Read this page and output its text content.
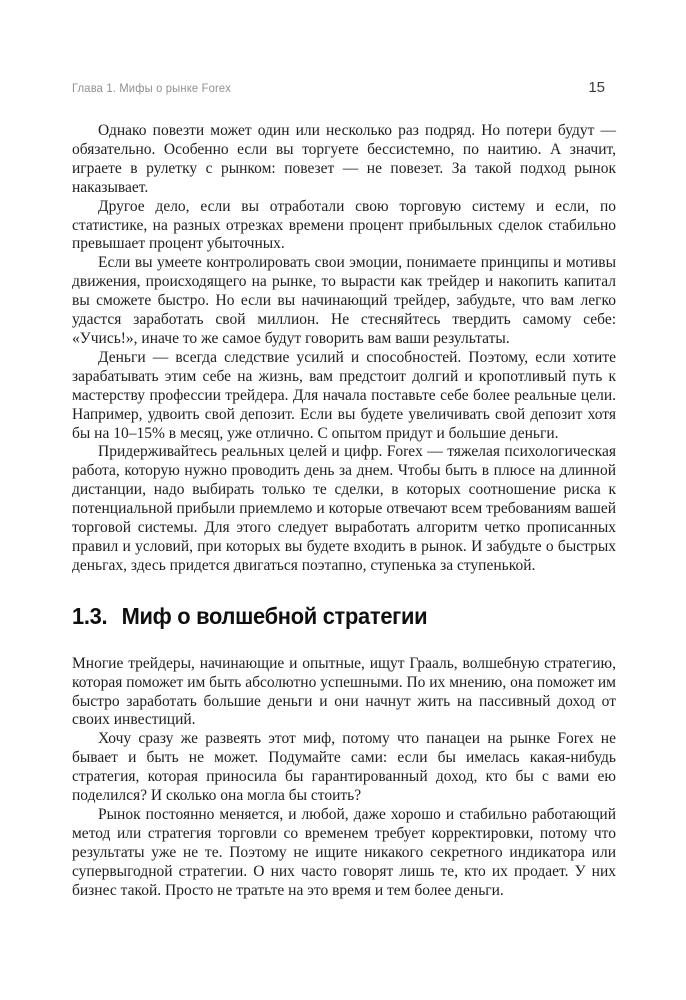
Глава 1. Мифы о рынке Forex	15

Однако повезти может один или несколько раз подряд. Но потери будут — обязательно. Особенно если вы торгуете бессистемно, по наитию. А значит, играете в рулетку с рынком: повезет — не повезет. За такой подход рынок наказывает.

Другое дело, если вы отработали свою торговую систему и если, по статистике, на разных отрезках времени процент прибыльных сделок стабильно превышает процент убыточных.

Если вы умеете контролировать свои эмоции, понимаете принципы и мотивы движения, происходящего на рынке, то вырасти как трейдер и накопить капитал вы сможете быстро. Но если вы начинающий трейдер, забудьте, что вам легко удастся заработать свой миллион. Не стесняйтесь твердить самому себе: «Учись!», иначе то же самое будут говорить вам ваши результаты.

Деньги — всегда следствие усилий и способностей. Поэтому, если хотите зарабатывать этим себе на жизнь, вам предстоит долгий и кропотливый путь к мастерству профессии трейдера. Для начала поставьте себе более реальные цели. Например, удвоить свой депозит. Если вы будете увеличивать свой депозит хотя бы на 10–15% в месяц, уже отлично. С опытом придут и большие деньги.

Придерживайтесь реальных целей и цифр. Forex — тяжелая психологическая работа, которую нужно проводить день за днем. Чтобы быть в плюсе на длинной дистанции, надо выбирать только те сделки, в которых соотношение риска к потенциальной прибыли приемлемо и которые отвечают всем требованиям вашей торговой системы. Для этого следует выработать алгоритм четко прописанных правил и условий, при которых вы будете входить в рынок. И забудьте о быстрых деньгах, здесь придется двигаться поэтапно, ступенька за ступенькой.

1.3. Миф о волшебной стратегии

Многие трейдеры, начинающие и опытные, ищут Грааль, волшебную стратегию, которая поможет им быть абсолютно успешными. По их мнению, она поможет им быстро заработать большие деньги и они начнут жить на пассивный доход от своих инвестиций.

Хочу сразу же развеять этот миф, потому что панацеи на рынке Forex не бывает и быть не может. Подумайте сами: если бы имелась какая-нибудь стратегия, которая приносила бы гарантированный доход, кто бы с вами ею поделился? И сколько она могла бы стоить?

Рынок постоянно меняется, и любой, даже хорошо и стабильно работающий метод или стратегия торговли со временем требует корректировки, потому что результаты уже не те. Поэтому не ищите никакого секретного индикатора или супервыгодной стратегии. О них часто говорят лишь те, кто их продает. У них бизнес такой. Просто не тратьте на это время и тем более деньги.
